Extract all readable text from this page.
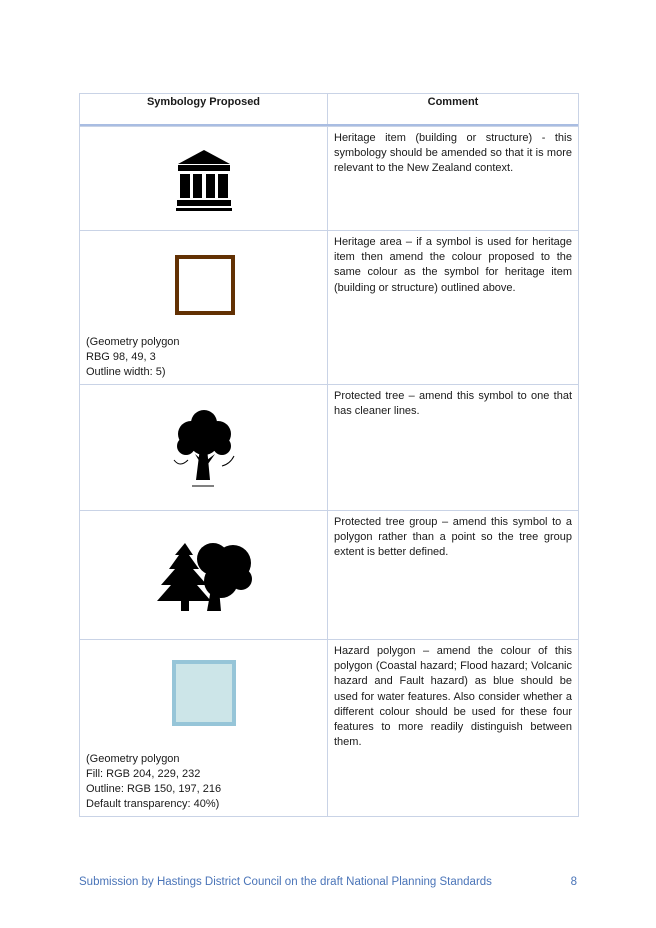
Symbology Proposed	Comment

Heritage item (building or structure) - this symbology should be amended so that it is more relevant to the New Zealand context.

(Geometry polygon
RBG 98, 49, 3
Outline width: 5)

Heritage area – if a symbol is used for heritage item then amend the colour proposed to the same colour as the symbol for heritage item (building or structure) outlined above.

Protected tree – amend this symbol to one that has cleaner lines.

Protected tree group – amend this symbol to a polygon rather than a point so the tree group extent is better defined.

(Geometry polygon
Fill: RGB 204, 229, 232
Outline: RGB 150, 197, 216
Default transparency: 40%)

Hazard polygon – amend the colour of this polygon (Coastal hazard; Flood hazard; Volcanic hazard and Fault hazard) as blue should be used for water features. Also consider whether a different colour should be used for these four features to more readily distinguish between them.

Submission by Hastings District Council on the draft National Planning Standards	8
